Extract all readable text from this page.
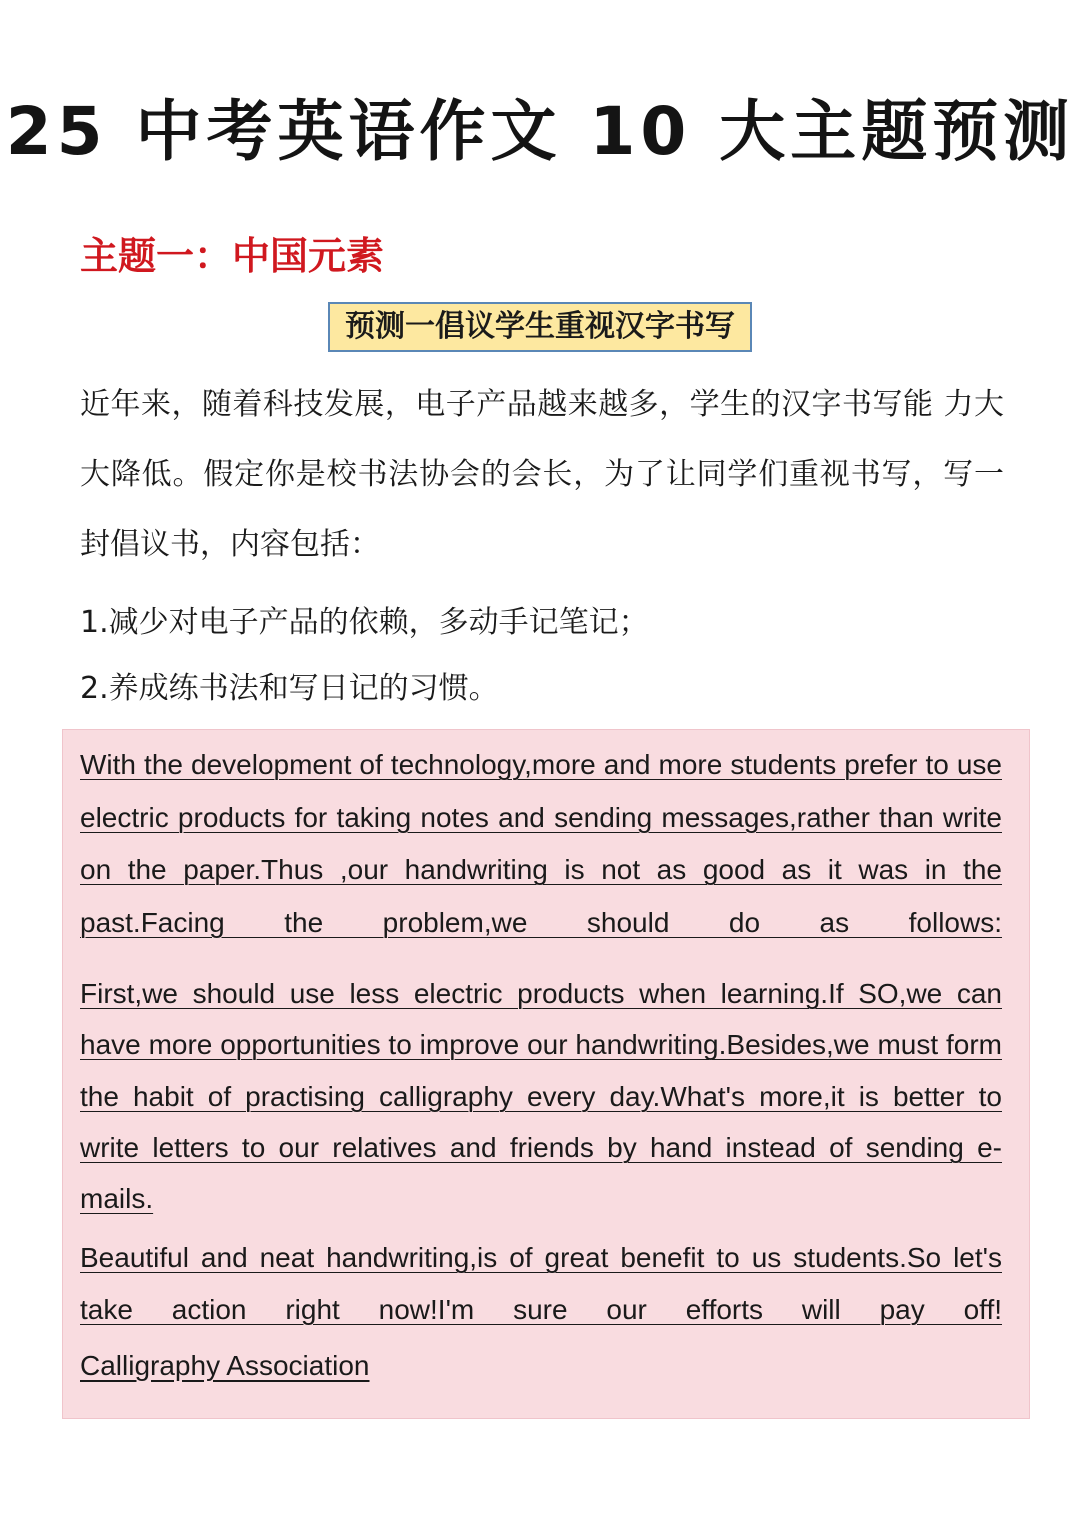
25 中考英语作文 10 大主题预测
主题一：中国元素
预测一倡议学生重视汉字书写
近年来，随着科技发展，电子产品越来越多，学生的汉字书写能 力大大降低。假定你是校书法协会的会长，为了让同学们重视书写，写一封倡议书，内容包括：
1.减少对电子产品的依赖，多动手记笔记；
2.养成练书法和写日记的习惯。

With the development of technology,more and more students prefer to use electric products for taking notes and sending messages,rather than write on the paper.Thus ,our handwriting is not as good as it was in the past.Facing the problem,we should do as follows:

First,we should use less electric products when learning.If SO,we can have more opportunities to improve our handwriting.Besides,we must form the habit of practising calligraphy every day.What's more,it is better to write letters to our relatives and friends by hand instead of sending e-mails.

Beautiful and neat handwriting,is of great benefit to us students.So let's take action right now!I'm sure our efforts will pay off!

Calligraphy Association
